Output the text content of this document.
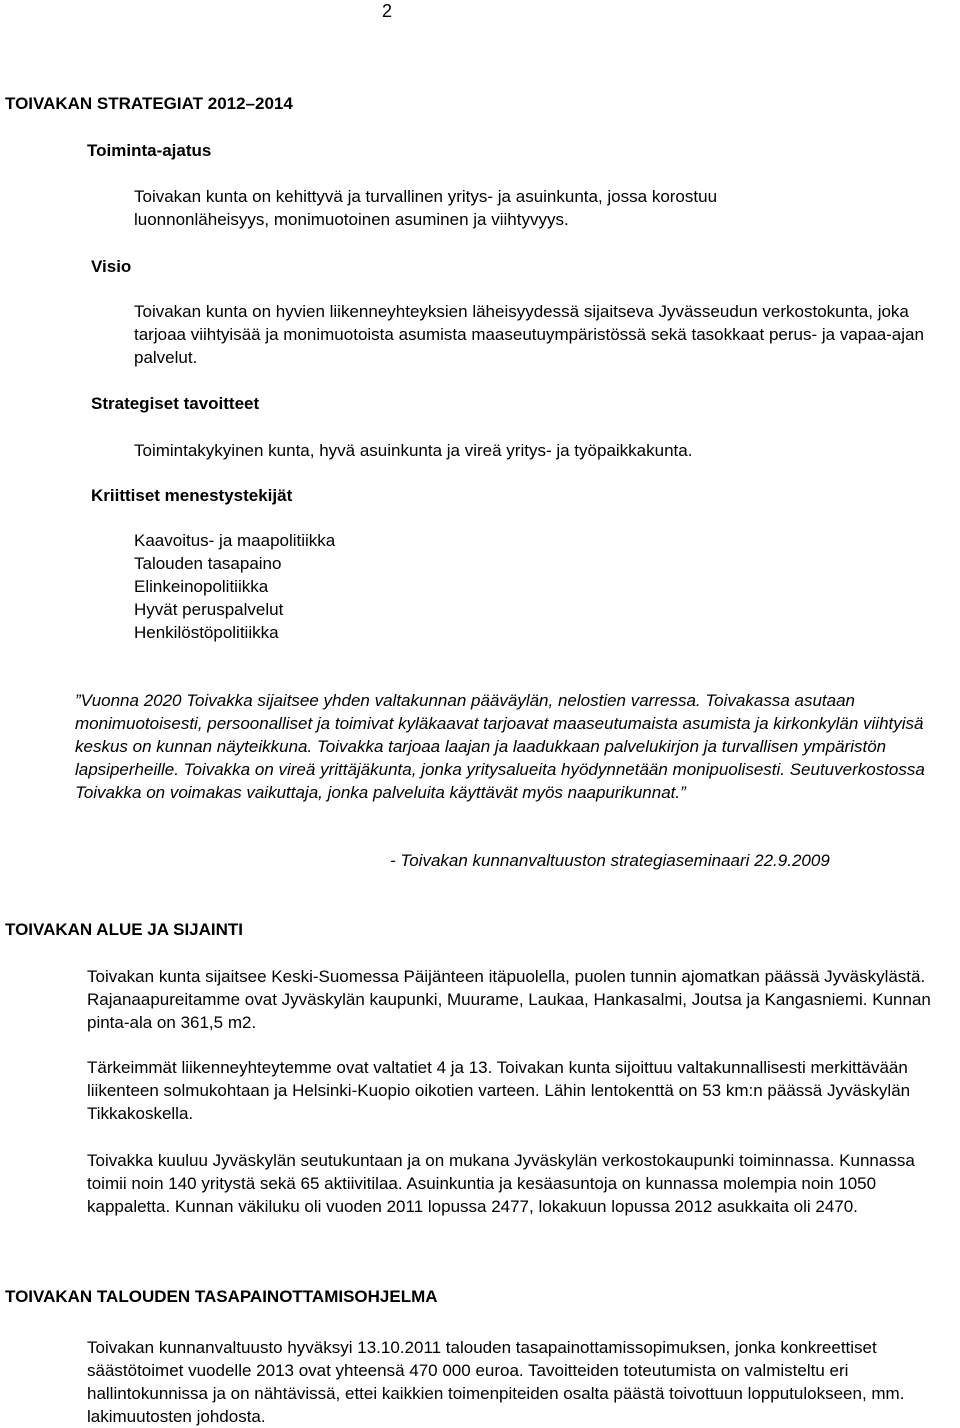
2
TOIVAKAN STRATEGIAT 2012–2014
Toiminta-ajatus

Toivakan kunta on kehittyvä ja turvallinen yritys- ja asuinkunta, jossa korostuu luonnonläheisyys, monimuotoinen asuminen ja viihtyvyys.

Visio

Toivakan kunta on hyvien liikenneyhteyksien läheisyydessä sijaitseva Jyvässeudun verkostokunta, joka tarjoaa viihtyisää ja monimuotoista asumista maaseutuympäristössä sekä tasokkaat perus- ja vapaa-ajan palvelut.

Strategiset tavoitteet

Toimintakykyinen kunta, hyvä asuinkunta ja vireä yritys- ja työpaikkakunta.

Kriittiset menestystekijät
Kaavoitus- ja maapolitiikka
Talouden tasapaino
Elinkeinopolitiikka
Hyvät peruspalvelut
Henkilöstöpolitiikka

”Vuonna 2020 Toivakka sijaitsee yhden valtakunnan pääväylän, nelostien varressa. Toivakassa asutaan monimuotoisesti, persoonalliset ja toimivat kyläkaavat tarjoavat maaseutumaista asumista ja kirkonkylän viihtyisä keskus on kunnan näyteikkuna. Toivakka tarjoaa laajan ja laadukkaan palvelukirjon ja turvallisen ympäristön lapsiperheille. Toivakka on vireä yrittäjäkunta, jonka yritysalueita hyödynnetään monipuolisesti. Seutuverkostossa Toivakka on voimakas vaikuttaja, jonka palveluita käyttävät myös naapurikunnat.”

- Toivakan kunnanvaltuuston strategiaseminaari 22.9.2009

TOIVAKAN ALUE JA SIJAINTI

Toivakan kunta sijaitsee Keski-Suomessa Päijänteen itäpuolella, puolen tunnin ajomatkan päässä Jyväskylästä. Rajanaapureitamme ovat Jyväskylän kaupunki, Muurame, Laukaa, Hankasalmi, Joutsa ja Kangasniemi. Kunnan pinta-ala on 361,5 m2.

Tärkeimmät liikenneyhteytemme ovat valtatiet 4 ja 13. Toivakan kunta sijoittuu valtakunnallisesti merkittävään liikenteen solmukohtaan ja Helsinki-Kuopio oikotien varteen. Lähin lentokenttä on 53 km:n päässä Jyväskylän Tikkakoskella.

Toivakka kuuluu Jyväskylän seutukuntaan ja on mukana Jyväskylän verkostokaupunki toiminnassa. Kunnassa toimii noin 140 yritystä sekä 65 aktiivitilaa. Asuinkuntia ja kesäasuntoja on kunnassa molempia noin 1050 kappaletta. Kunnan väkiluku oli vuoden 2011 lopussa 2477, lokakuun lopussa 2012 asukkaita oli 2470.

TOIVAKAN TALOUDEN TASAPAINOTTAMISOHJELMA

Toivakan kunnanvaltuusto hyväksyi 13.10.2011 talouden tasapainottamissopimuksen, jonka konkreettiset säästötoimet vuodelle 2013 ovat yhteensä 470 000 euroa. Tavoitteiden toteutumista on valmisteltu eri hallintokunnissa ja on nähtävissä, ettei kaikkien toimenpiteiden osalta päästä toivottuun lopputulokseen, mm. lakimuutosten johdosta.
